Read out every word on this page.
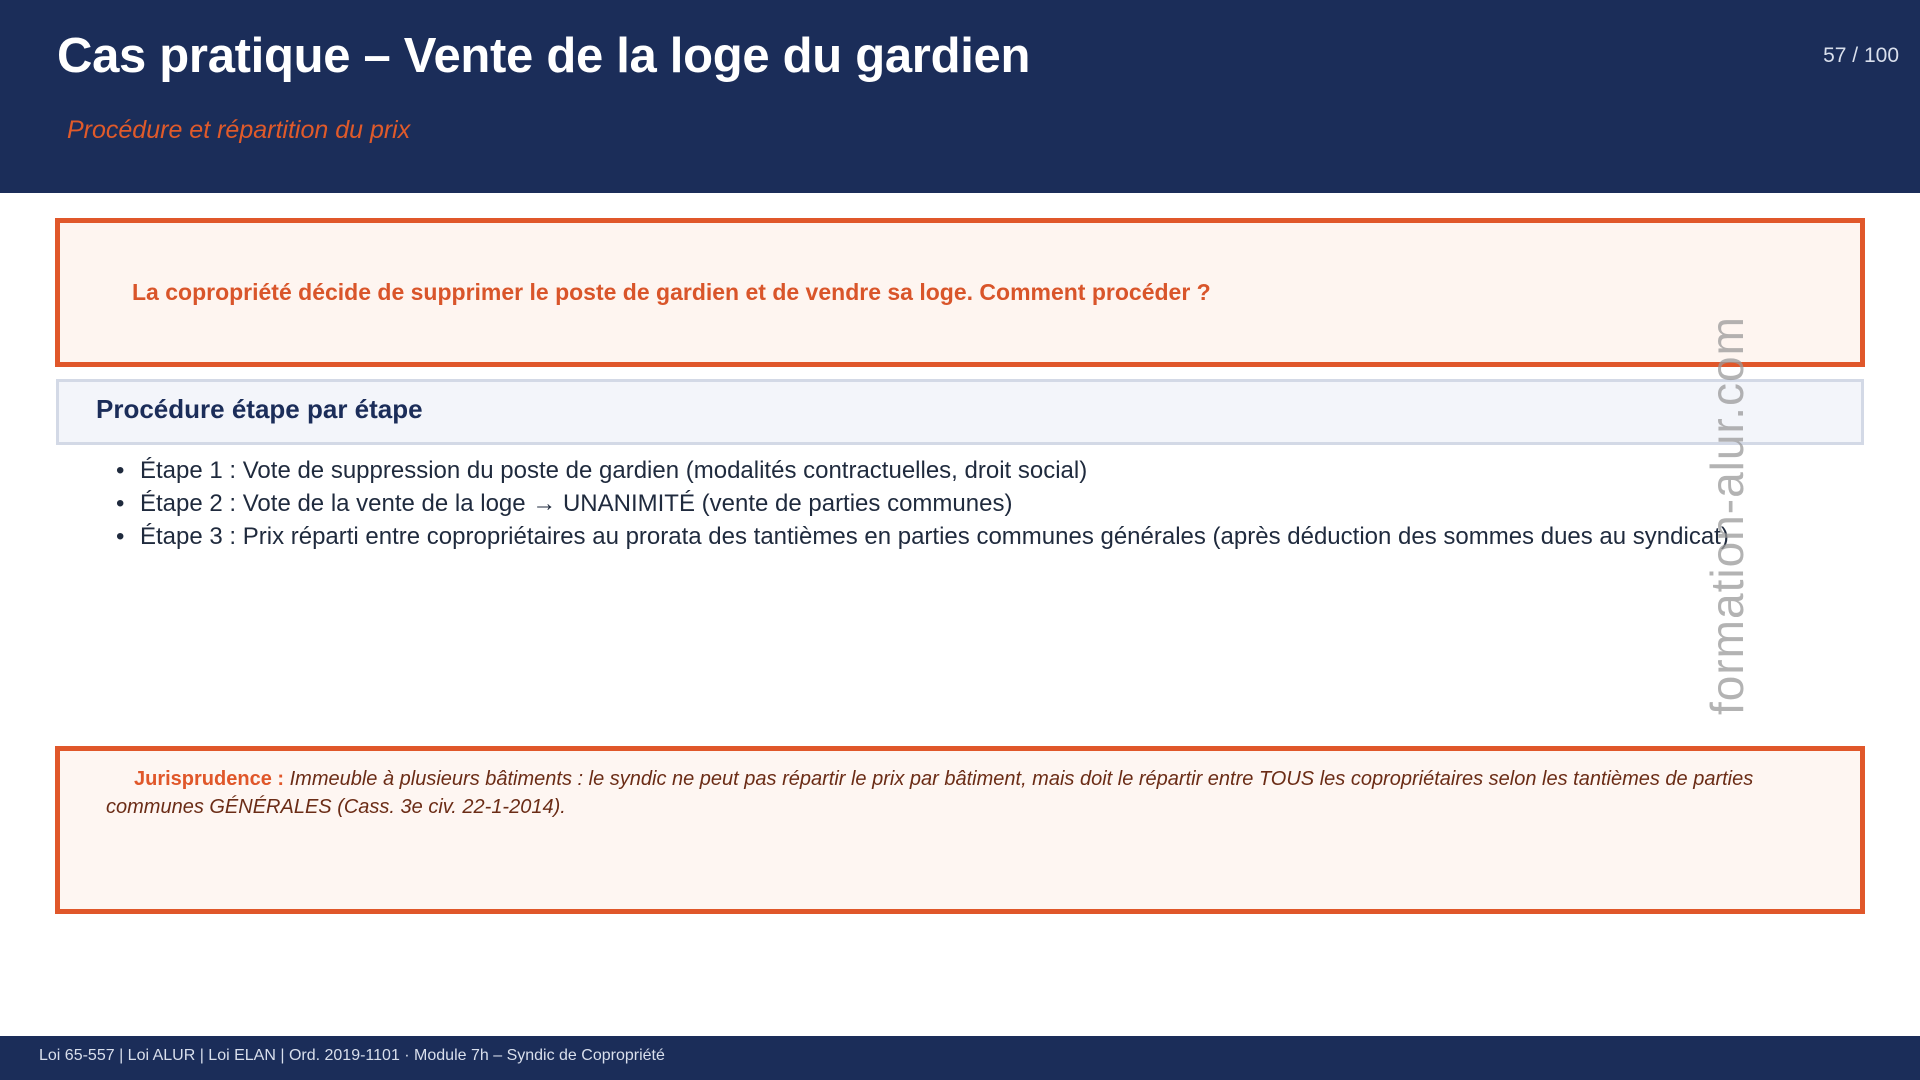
Cas pratique – Vente de la loge du gardien
Procédure et répartition du prix
57 / 100
La copropriété décide de supprimer le poste de gardien et de vendre sa loge. Comment procéder ?
Procédure étape par étape
• Étape 1 : Vote de suppression du poste de gardien (modalités contractuelles, droit social)
• Étape 2 : Vote de la vente de la loge → UNANIMITÉ (vente de parties communes)
• Étape 3 : Prix réparti entre copropriétaires au prorata des tantièmes en parties communes générales (après déduction des sommes dues au syndicat)
Jurisprudence : Immeuble à plusieurs bâtiments : le syndic ne peut pas répartir le prix par bâtiment, mais doit le répartir entre TOUS les copropriétaires selon les tantièmes de parties communes GÉNÉRALES (Cass. 3e civ. 22-1-2014).
formation-alur.com
Loi 65-557 | Loi ALUR | Loi ELAN | Ord. 2019-1101 · Module 7h – Syndic de Copropriété
